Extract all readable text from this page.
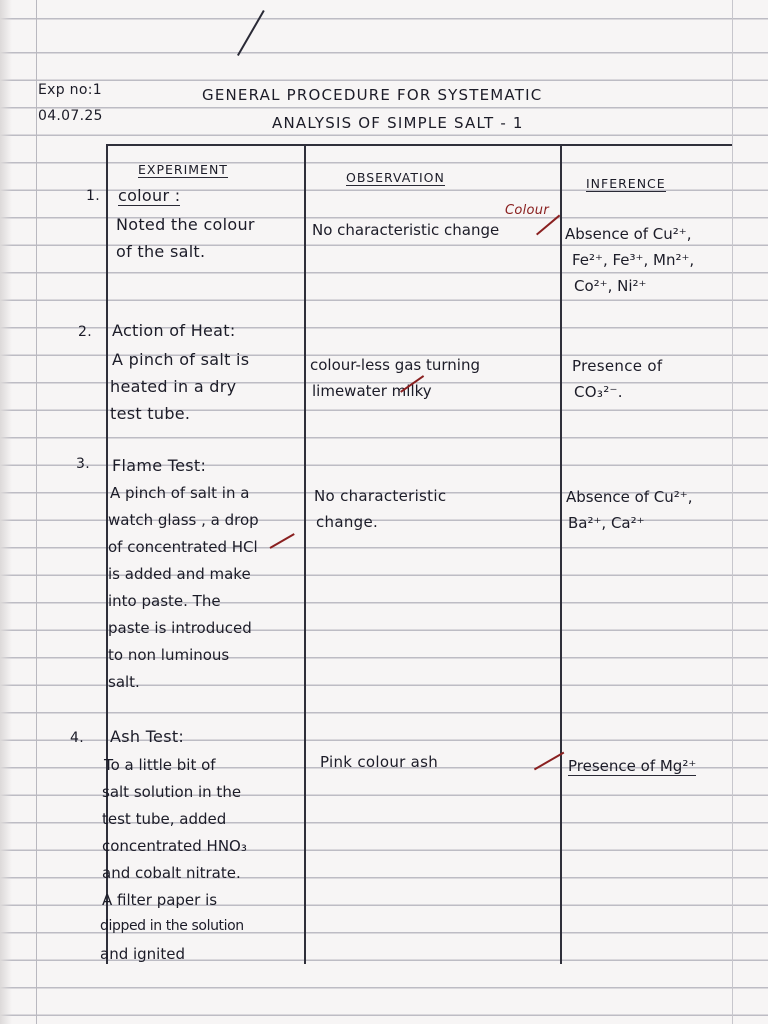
Exp no:1
04.07.25
GENERAL PROCEDURE FOR SYSTEMATIC
ANALYSIS OF SIMPLE SALT - 1
EXPERIMENT
OBSERVATION	INFERENCE
1. colour :
Noted the colour
of the salt.
No characteristic change
Colour
Absence of Cu²⁺,
Fe²⁺, Fe³⁺, Mn²⁺,
Co²⁺, Ni²⁺
2. Action of Heat:
A pinch of salt is
heated in a dry
test tube.
colour-less gas turning
limewater milky
Presence of
CO₃²⁻.
3. Flame Test:
A pinch of salt in a
watch glass , a drop
of concentrated HCl
is added and make
into paste. The
paste is introduced
to non luminous
salt.
No characteristic
change.
Absence of Cu²⁺,
Ba²⁺, Ca²⁺
4. Ash Test:
To a little bit of
salt solution in the
test tube, added
concentrated HNO₃
and cobalt nitrate.
A filter paper is
dipped in the solution
and ignited
Pink colour ash	Presence of Mg²⁺
